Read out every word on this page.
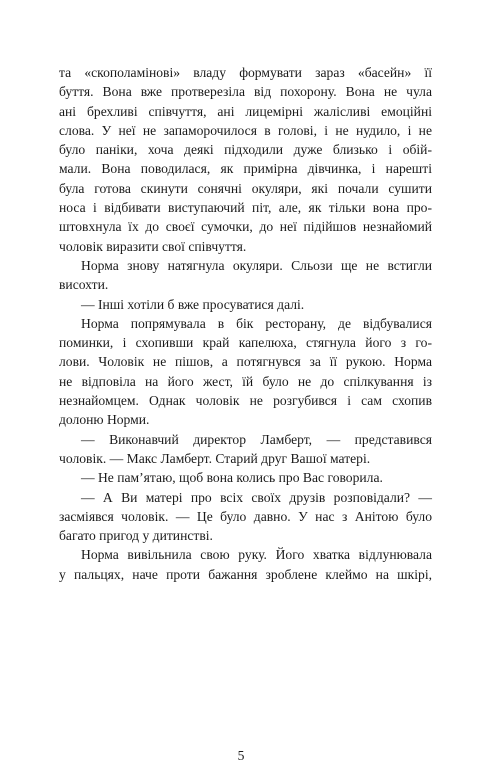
та «скополамінові» владу формувати зараз «басейн» її
буття. Вона вже протверезіла від похорону. Вона не чула
ані брехливі співчуття, ані лицемірні жалісливі емоційні
слова. У неї не запаморочилося в голові, і не нудило, і не
було паніки, хоча деякі підходили дуже близько і обій-
мали. Вона поводилася, як примірна дівчинка, і нарешті
була готова скинути сонячні окуляри, які почали сушити
носа і відбивати виступаючий піт, але, як тільки вона про-
штовхнула їх до своєї сумочки, до неї підійшов незнайомий
чоловік виразити свої співчуття.
Норма знову натягнула окуляри. Сльози ще не встигли
висохти.
— Інші хотіли б вже просуватися далі.
Норма попрямувала в бік ресторану, де відбувалися
поминки, і схопивши край капелюха, стягнула його з го-
лови. Чоловік не пішов, а потягнувся за її рукою. Норма
не відповіла на його жест, їй було не до спілкування із
незнайомцем. Однак чоловік не розгубився і сам схопив
долоню Норми.
— Виконавчий директор Ламберт, — представився
чоловік. — Макс Ламберт. Старий друг Вашої матері.
— Не пам’ятаю, щоб вона колись про Вас говорила.
— А Ви матері про всіх своїх друзів розповідали? —
засміявся чоловік. — Це було давно. У нас з Анітою було
багато пригод у дитинстві.
Норма вивільнила свою руку. Його хватка відлунювала
у пальцях, наче проти бажання зроблене клеймо на шкірі,
5
